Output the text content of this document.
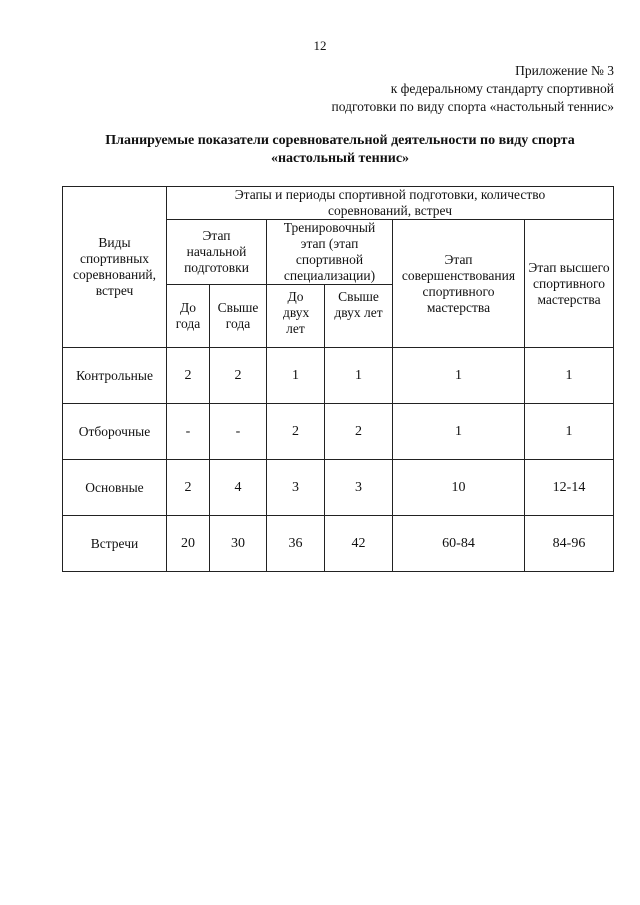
12
Приложение № 3
к федеральному стандарту спортивной
подготовки по виду спорта «настольный теннис»
Планируемые показатели соревновательной деятельности по виду спорта
«настольный теннис»
Виды спортивных соревнований, встреч	Этапы и периоды спортивной подготовки, количество соревнований, встреч					
	Этап начальной подготовки		Тренировочный этап (этап спортивной специализации)		Этап совершенствования спортивного мастерства	Этап высшего спортивного мастерства
	До года	Свыше года	До двух лет	Свыше двух лет		
Контрольные	2	2	1	1	1	1
Отборочные	-	-	2	2	1	1
Основные	2	4	3	3	10	12-14
Встречи	20	30	36	42	60-84	84-96
